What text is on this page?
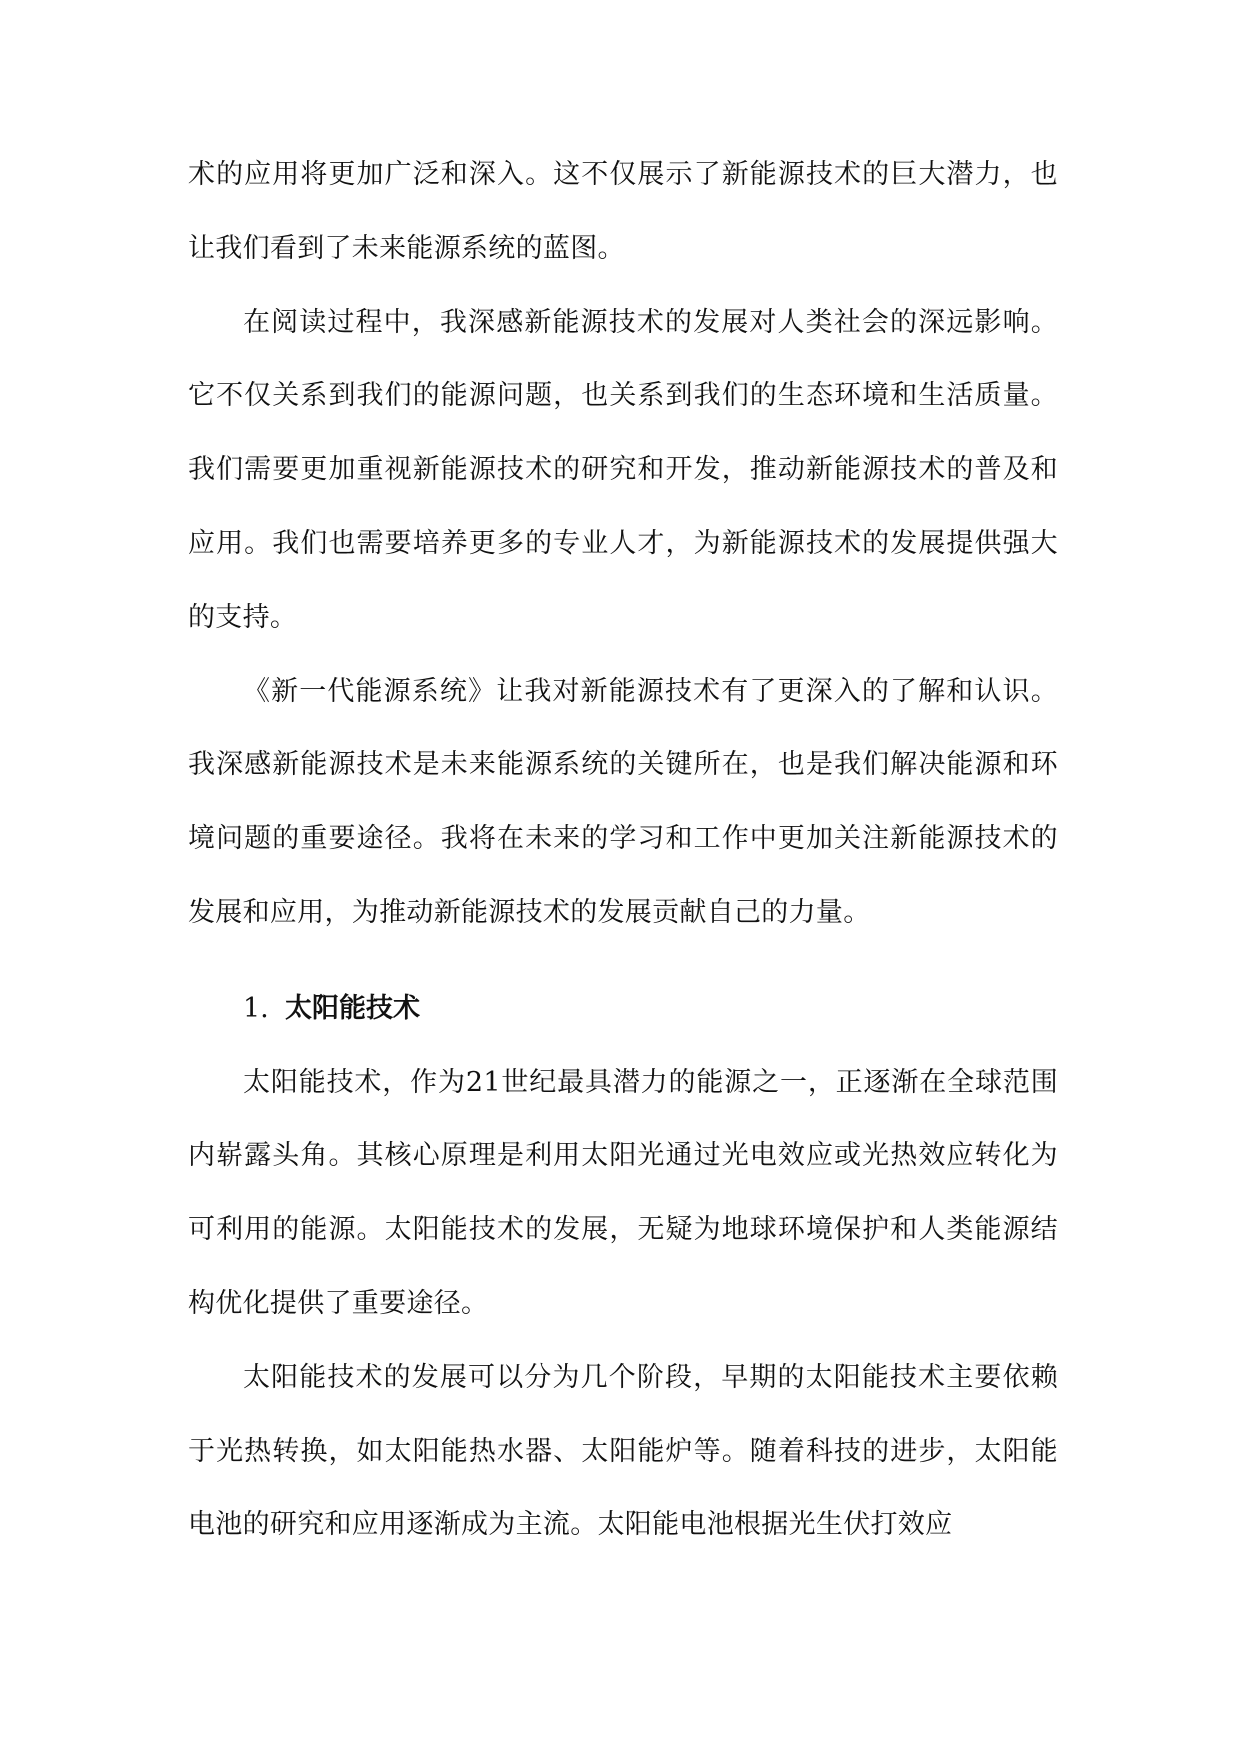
术的应用将更加广泛和深入。这不仅展示了新能源技术的巨大潜力，也让我们看到了未来能源系统的蓝图。

在阅读过程中，我深感新能源技术的发展对人类社会的深远影响。它不仅关系到我们的能源问题，也关系到我们的生态环境和生活质量。我们需要更加重视新能源技术的研究和开发，推动新能源技术的普及和应用。我们也需要培养更多的专业人才，为新能源技术的发展提供强大的支持。

《新一代能源系统》让我对新能源技术有了更深入的了解和认识。我深感新能源技术是未来能源系统的关键所在，也是我们解决能源和环境问题的重要途径。我将在未来的学习和工作中更加关注新能源技术的发展和应用，为推动新能源技术的发展贡献自己的力量。

1. 太阳能技术

太阳能技术，作为21世纪最具潜力的能源之一，正逐渐在全球范围内崭露头角。其核心原理是利用太阳光通过光电效应或光热效应转化为可利用的能源。太阳能技术的发展，无疑为地球环境保护和人类能源结构优化提供了重要途径。

太阳能技术的发展可以分为几个阶段，早期的太阳能技术主要依赖于光热转换，如太阳能热水器、太阳能炉等。随着科技的进步，太阳能电池的研究和应用逐渐成为主流。太阳能电池根据光生伏打效应
